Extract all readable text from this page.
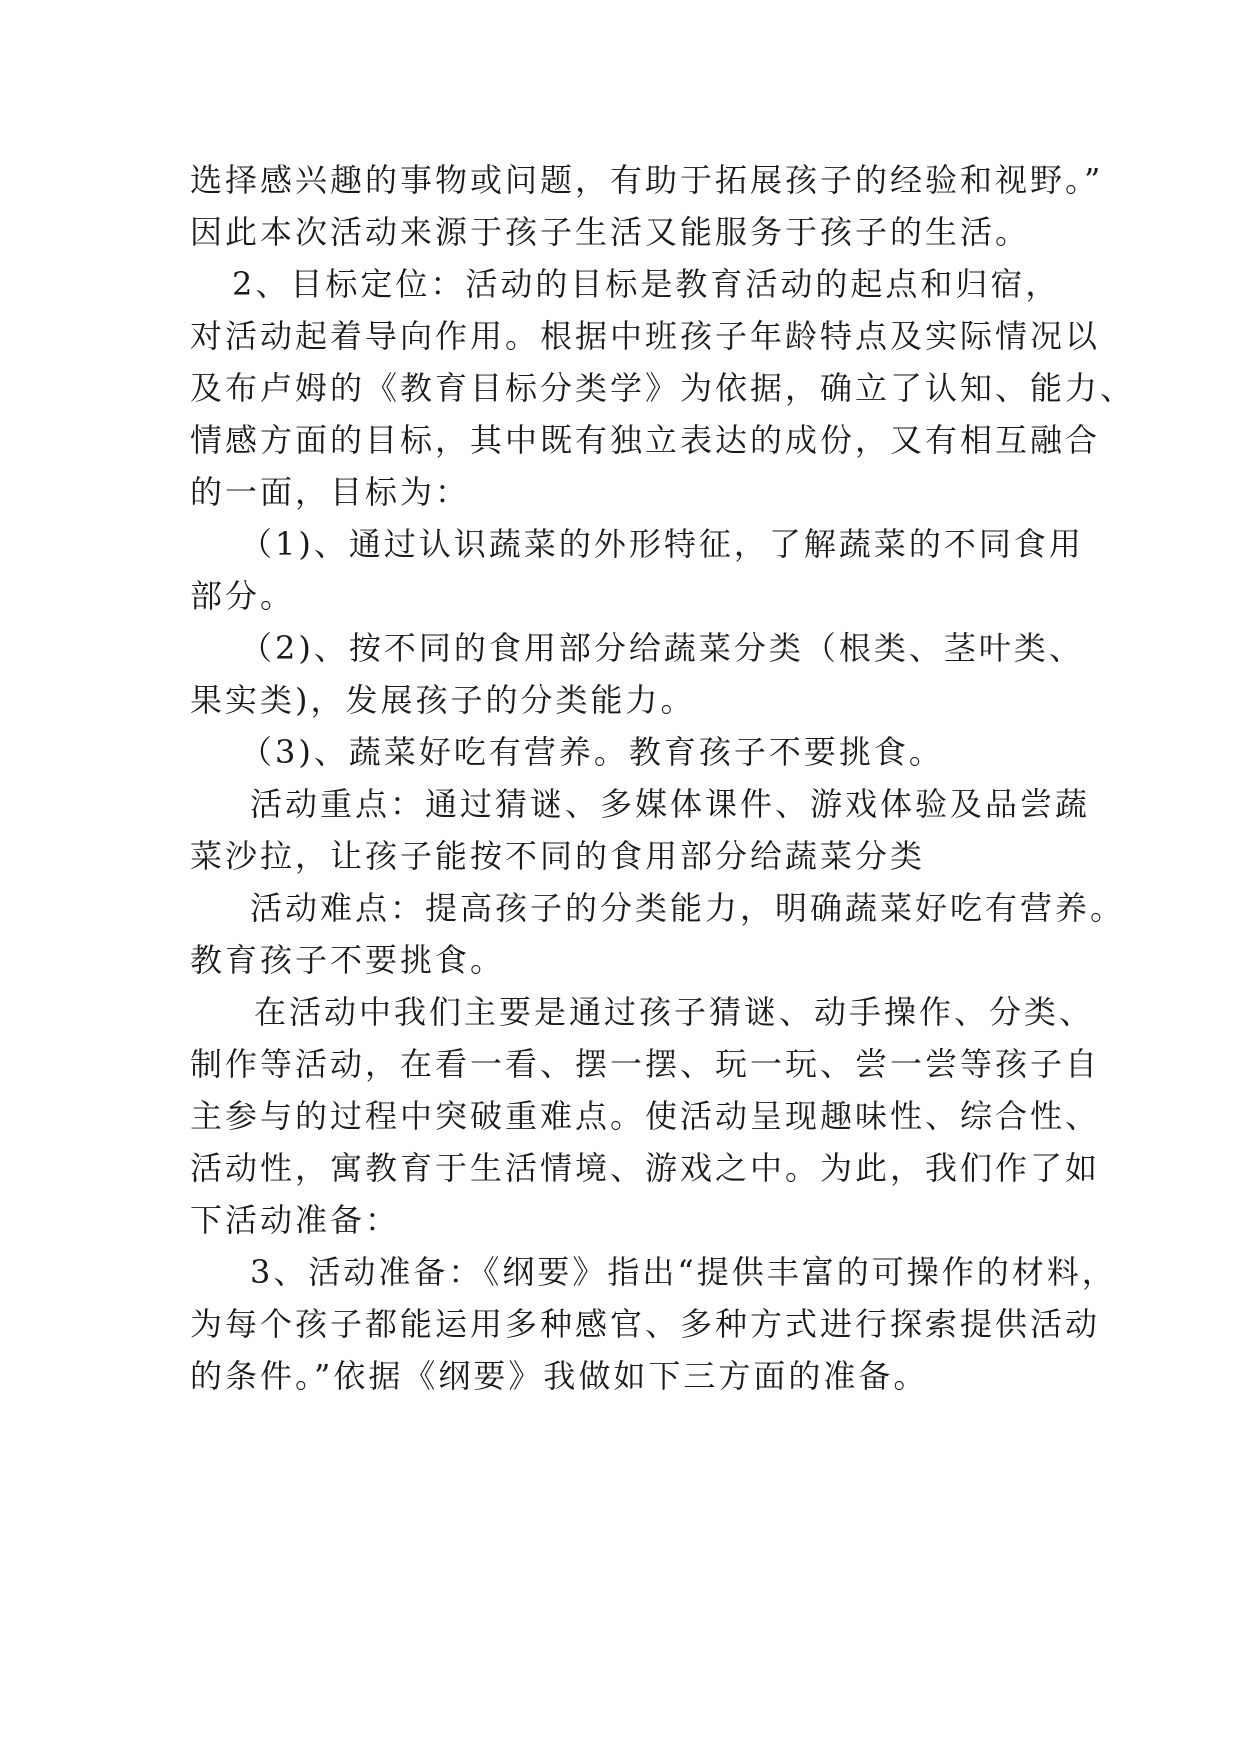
选择感兴趣的事物或问题，有助于拓展孩子的经验和视野。”
因此本次活动来源于孩子生活又能服务于孩子的生活。
2、目标定位：活动的目标是教育活动的起点和归宿，
对活动起着导向作用。根据中班孩子年龄特点及实际情况以
及布卢姆的《教育目标分类学》为依据，确立了认知、能力、
情感方面的目标，其中既有独立表达的成份，又有相互融合
的一面，目标为：
（1)、通过认识蔬菜的外形特征，了解蔬菜的不同食用
部分。
（2)、按不同的食用部分给蔬菜分类（根类、茎叶类、
果实类)，发展孩子的分类能力。
（3)、蔬菜好吃有营养。教育孩子不要挑食。
活动重点：通过猜谜、多媒体课件、游戏体验及品尝蔬
菜沙拉，让孩子能按不同的食用部分给蔬菜分类
活动难点：提高孩子的分类能力，明确蔬菜好吃有营养。
教育孩子不要挑食。
在活动中我们主要是通过孩子猜谜、动手操作、分类、
制作等活动，在看一看、摆一摆、玩一玩、尝一尝等孩子自
主参与的过程中突破重难点。使活动呈现趣味性、综合性、
活动性，寓教育于生活情境、游戏之中。为此，我们作了如
下活动准备：
3、活动准备：《纲要》指出“提供丰富的可操作的材料，
为每个孩子都能运用多种感官、多种方式进行探索提供活动
的条件。”依据《纲要》我做如下三方面的准备。
